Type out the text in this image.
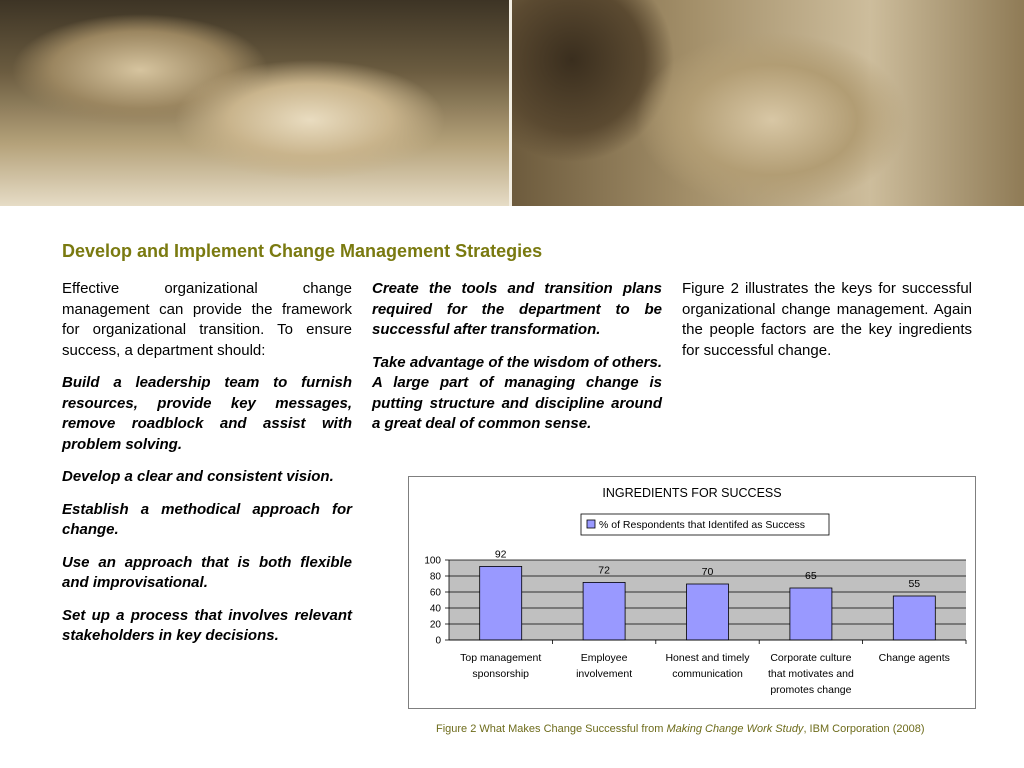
Develop and Implement Change Management Strategies

Effective organizational change management can provide the framework for organizational transition. To ensure success, a department should:

Build a leadership team to furnish resources, provide key messages, remove roadblock and assist with problem solving.

Develop a clear and consistent vision.

Establish a methodical approach for change.

Use an approach that is both flexible and improvisational.

Set up a process that involves relevant stakeholders in key decisions.

Create the tools and transition plans required for the department to be successful after transformation.

Take advantage of the wisdom of others. A large part of managing change is putting structure and discipline around a great deal of common sense.

Figure 2 illustrates the keys for successful organizational change management. Again the people factors are the key ingredients for successful change.

INGREDIENTS FOR SUCCESS
% of Respondents that Identifed as Success
0
20
40
60
80
100
92
Top management
sponsorship
72
Employee
involvement
70
Honest and timely
communication
65
Corporate culture
that motivates and
promotes change
55
Change agents
Figure 2 What Makes Change Successful from Making Change Work Study, IBM Corporation (2008)
